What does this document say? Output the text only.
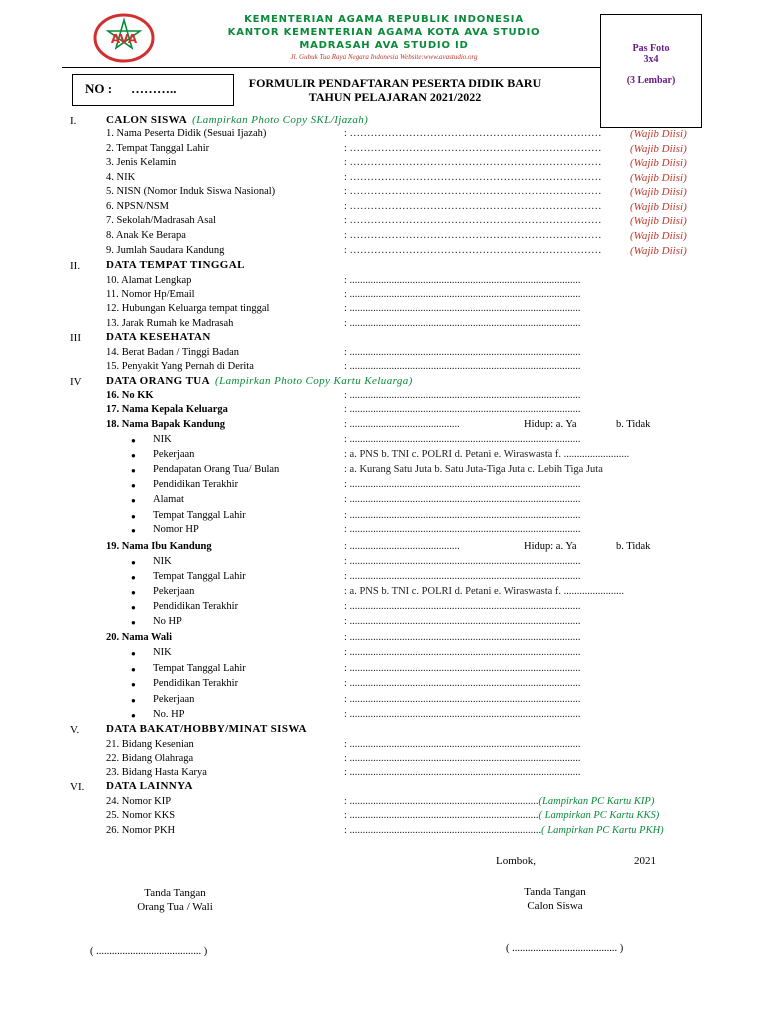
AVA
KEMENTERIAN AGAMA REPUBLIK INDONESIA
KANTOR KEMENTERIAN AGAMA KOTA AVA STUDIO
MADRASAH AVA STUDIO ID
Jl. Gubuk Tua Raya Negara Indonesia Website:www.avastudio.org
Pas Foto
3x4
(3 Lembar)
NO : ………..	FORMULIR PENDAFTARAN PESERTA DIDIK BARU
TAHUN PELAJARAN 2021/2022
I.	CALON SISWA (Lampirkan Photo Copy SKL/Ijazah)
1. Nama Peserta Didik (Sesuai Ijazah)	: ………………………………………………………………	(Wajib Diisi)
2. Tempat Tanggal Lahir	: ………………………………………………………………	(Wajib Diisi)
3. Jenis Kelamin	: ………………………………………………………………	(Wajib Diisi)
4. NIK	: ………………………………………………………………	(Wajib Diisi)
5. NISN (Nomor Induk Siswa Nasional)	: ………………………………………………………………	(Wajib Diisi)
6. NPSN/NSM	: ………………………………………………………………	(Wajib Diisi)
7. Sekolah/Madrasah Asal	: ………………………………………………………………	(Wajib Diisi)
8. Anak Ke Berapa	: ………………………………………………………………	(Wajib Diisi)
9. Jumlah Saudara Kandung	: ………………………………………………………………	(Wajib Diisi)
II. DATA TEMPAT TINGGAL
10. Alamat Lengkap	: ........................................................................................
11. Nomor Hp/Email	: ........................................................................................
12. Hubungan Keluarga tempat tinggal	: ........................................................................................
13. Jarak Rumah ke Madrasah	: ........................................................................................
III DATA KESEHATAN
14. Berat Badan / Tinggi Badan	: ........................................................................................
15. Penyakit Yang Pernah di Derita	: ........................................................................................
IV DATA ORANG TUA (Lampirkan Photo Copy Kartu Keluarga)
16. No KK	: ........................................................................................
17. Nama Kepala Keluarga	: ........................................................................................
18. Nama Bapak Kandung	: ..........................................	Hidup: a. Ya	b. Tidak
● NIK	: ........................................................................................
● Pekerjaan	: a. PNS b. TNI c. POLRI d. Petani e. Wiraswasta f. .........................
● Pendapatan Orang Tua/ Bulan	: a. Kurang Satu Juta b. Satu Juta-Tiga Juta c. Lebih Tiga Juta
● Pendidikan Terakhir	: ........................................................................................
● Alamat	: ........................................................................................
● Tempat Tanggal Lahir	: ........................................................................................
● Nomor HP	: ........................................................................................
19. Nama Ibu Kandung	: ..........................................	Hidup: a. Ya	b. Tidak
● NIK	: ........................................................................................
● Tempat Tanggal Lahir	: ........................................................................................
● Pekerjaan	: a. PNS b. TNI c. POLRI d. Petani e. Wiraswasta f. .......................
● Pendidikan Terakhir	: ........................................................................................
● No HP	: ........................................................................................
20. Nama Wali	: ........................................................................................
● NIK	: ........................................................................................
● Tempat Tanggal Lahir	: ........................................................................................
● Pendidikan Terakhir	: ........................................................................................
● Pekerjaan	: ........................................................................................
● No. HP	: ........................................................................................
V. DATA BAKAT/HOBBY/MINAT SISWA
21. Bidang Kesenian	: ........................................................................................
22. Bidang Olahraga	: ........................................................................................
23. Bidang Hasta Karya	: ........................................................................................
VI. DATA LAINNYA
24. Nomor KIP	: ........................................................................(Lampirkan PC Kartu KIP)
25. Nomor KKS	: ........................................................................( Lampirkan PC Kartu KKS)
26. Nomor PKH	: .........................................................................( Lampirkan PC Kartu PKH)
Lombok,	2021
Tanda Tangan
Orang Tua / Wali
Tanda Tangan
Calon Siswa
( ........................................ )	( ........................................ )
